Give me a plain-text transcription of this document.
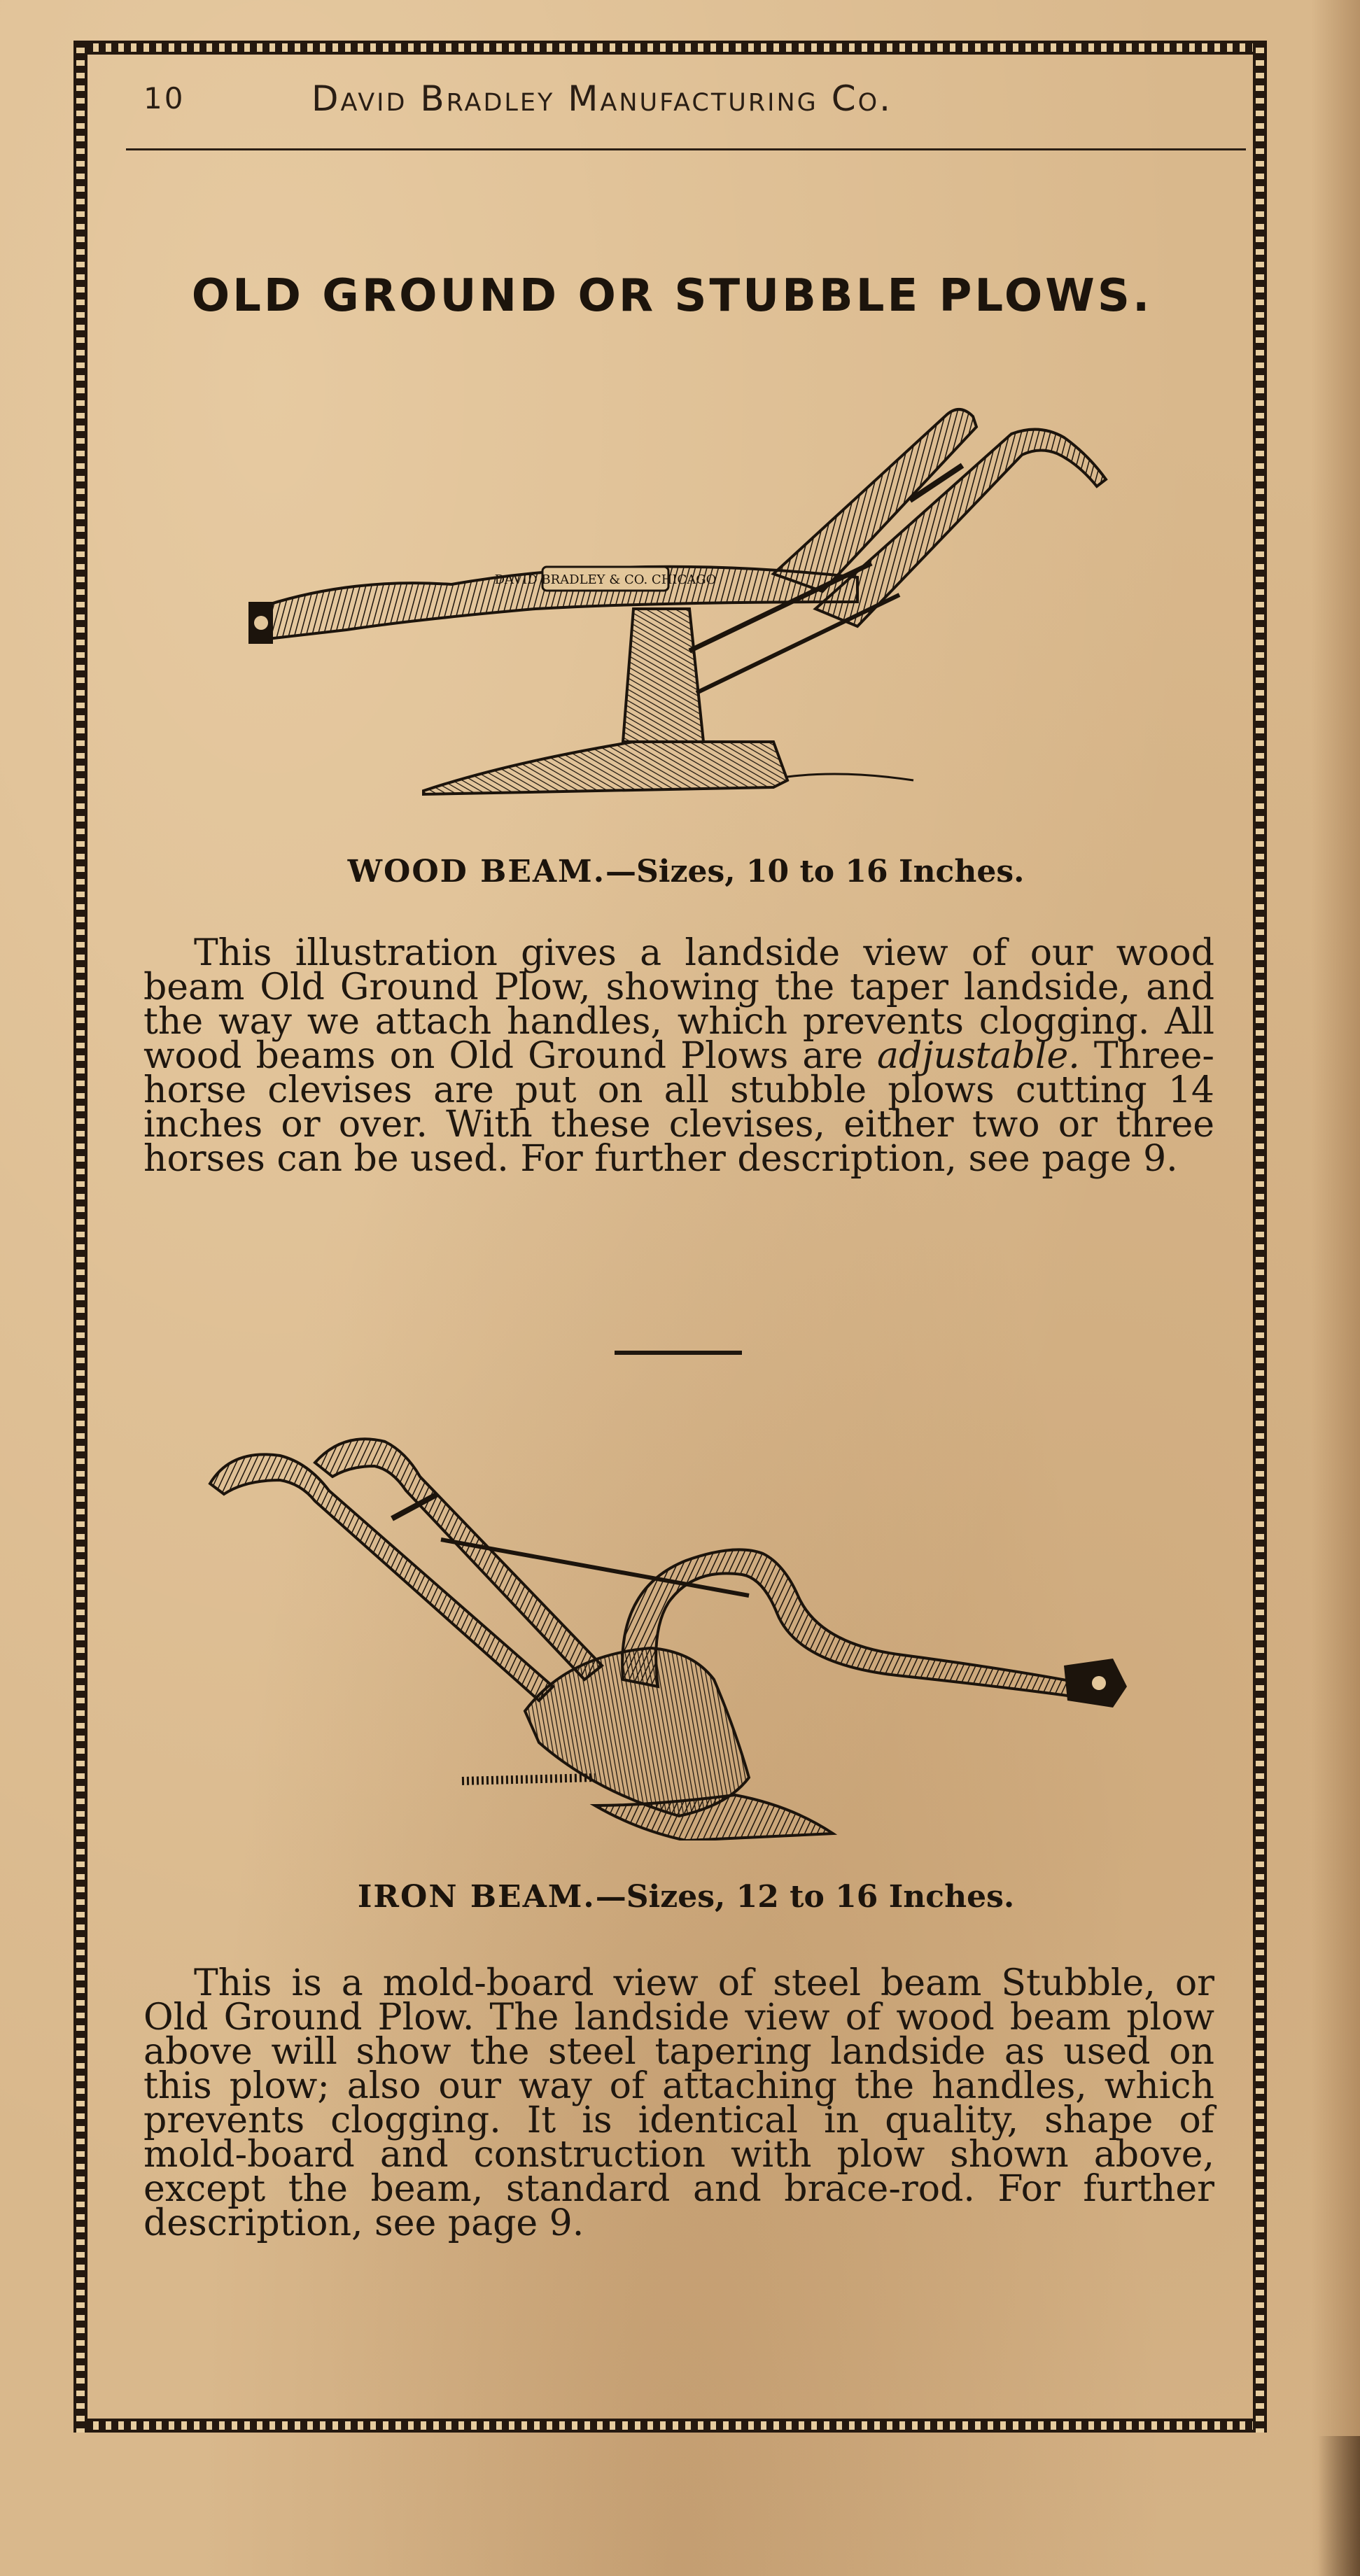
10	David Bradley Manufacturing Co.
OLD GROUND OR STUBBLE PLOWS.
DAVID BRADLEY & CO. CHICAGO
WOOD BEAM.—Sizes, 10 to 16 Inches.

This illustration gives a landside view of our wood beam Old Ground Plow, showing the taper landside, and the way we attach handles, which prevents clogging. All wood beams on Old Ground Plows are adjustable. Three-horse clevises are put on all stubble plows cutting 14 inches or over. With these clevises, either two or three horses can be used. For further description, see page 9.

IRON BEAM.—Sizes, 12 to 16 Inches.

This is a mold-board view of steel beam Stubble, or Old Ground Plow. The landside view of wood beam plow above will show the steel tapering landside as used on this plow; also our way of attaching the handles, which prevents clogging. It is identical in quality, shape of mold-board and construction with plow shown above, except the beam, standard and brace-rod. For further description, see page 9.
